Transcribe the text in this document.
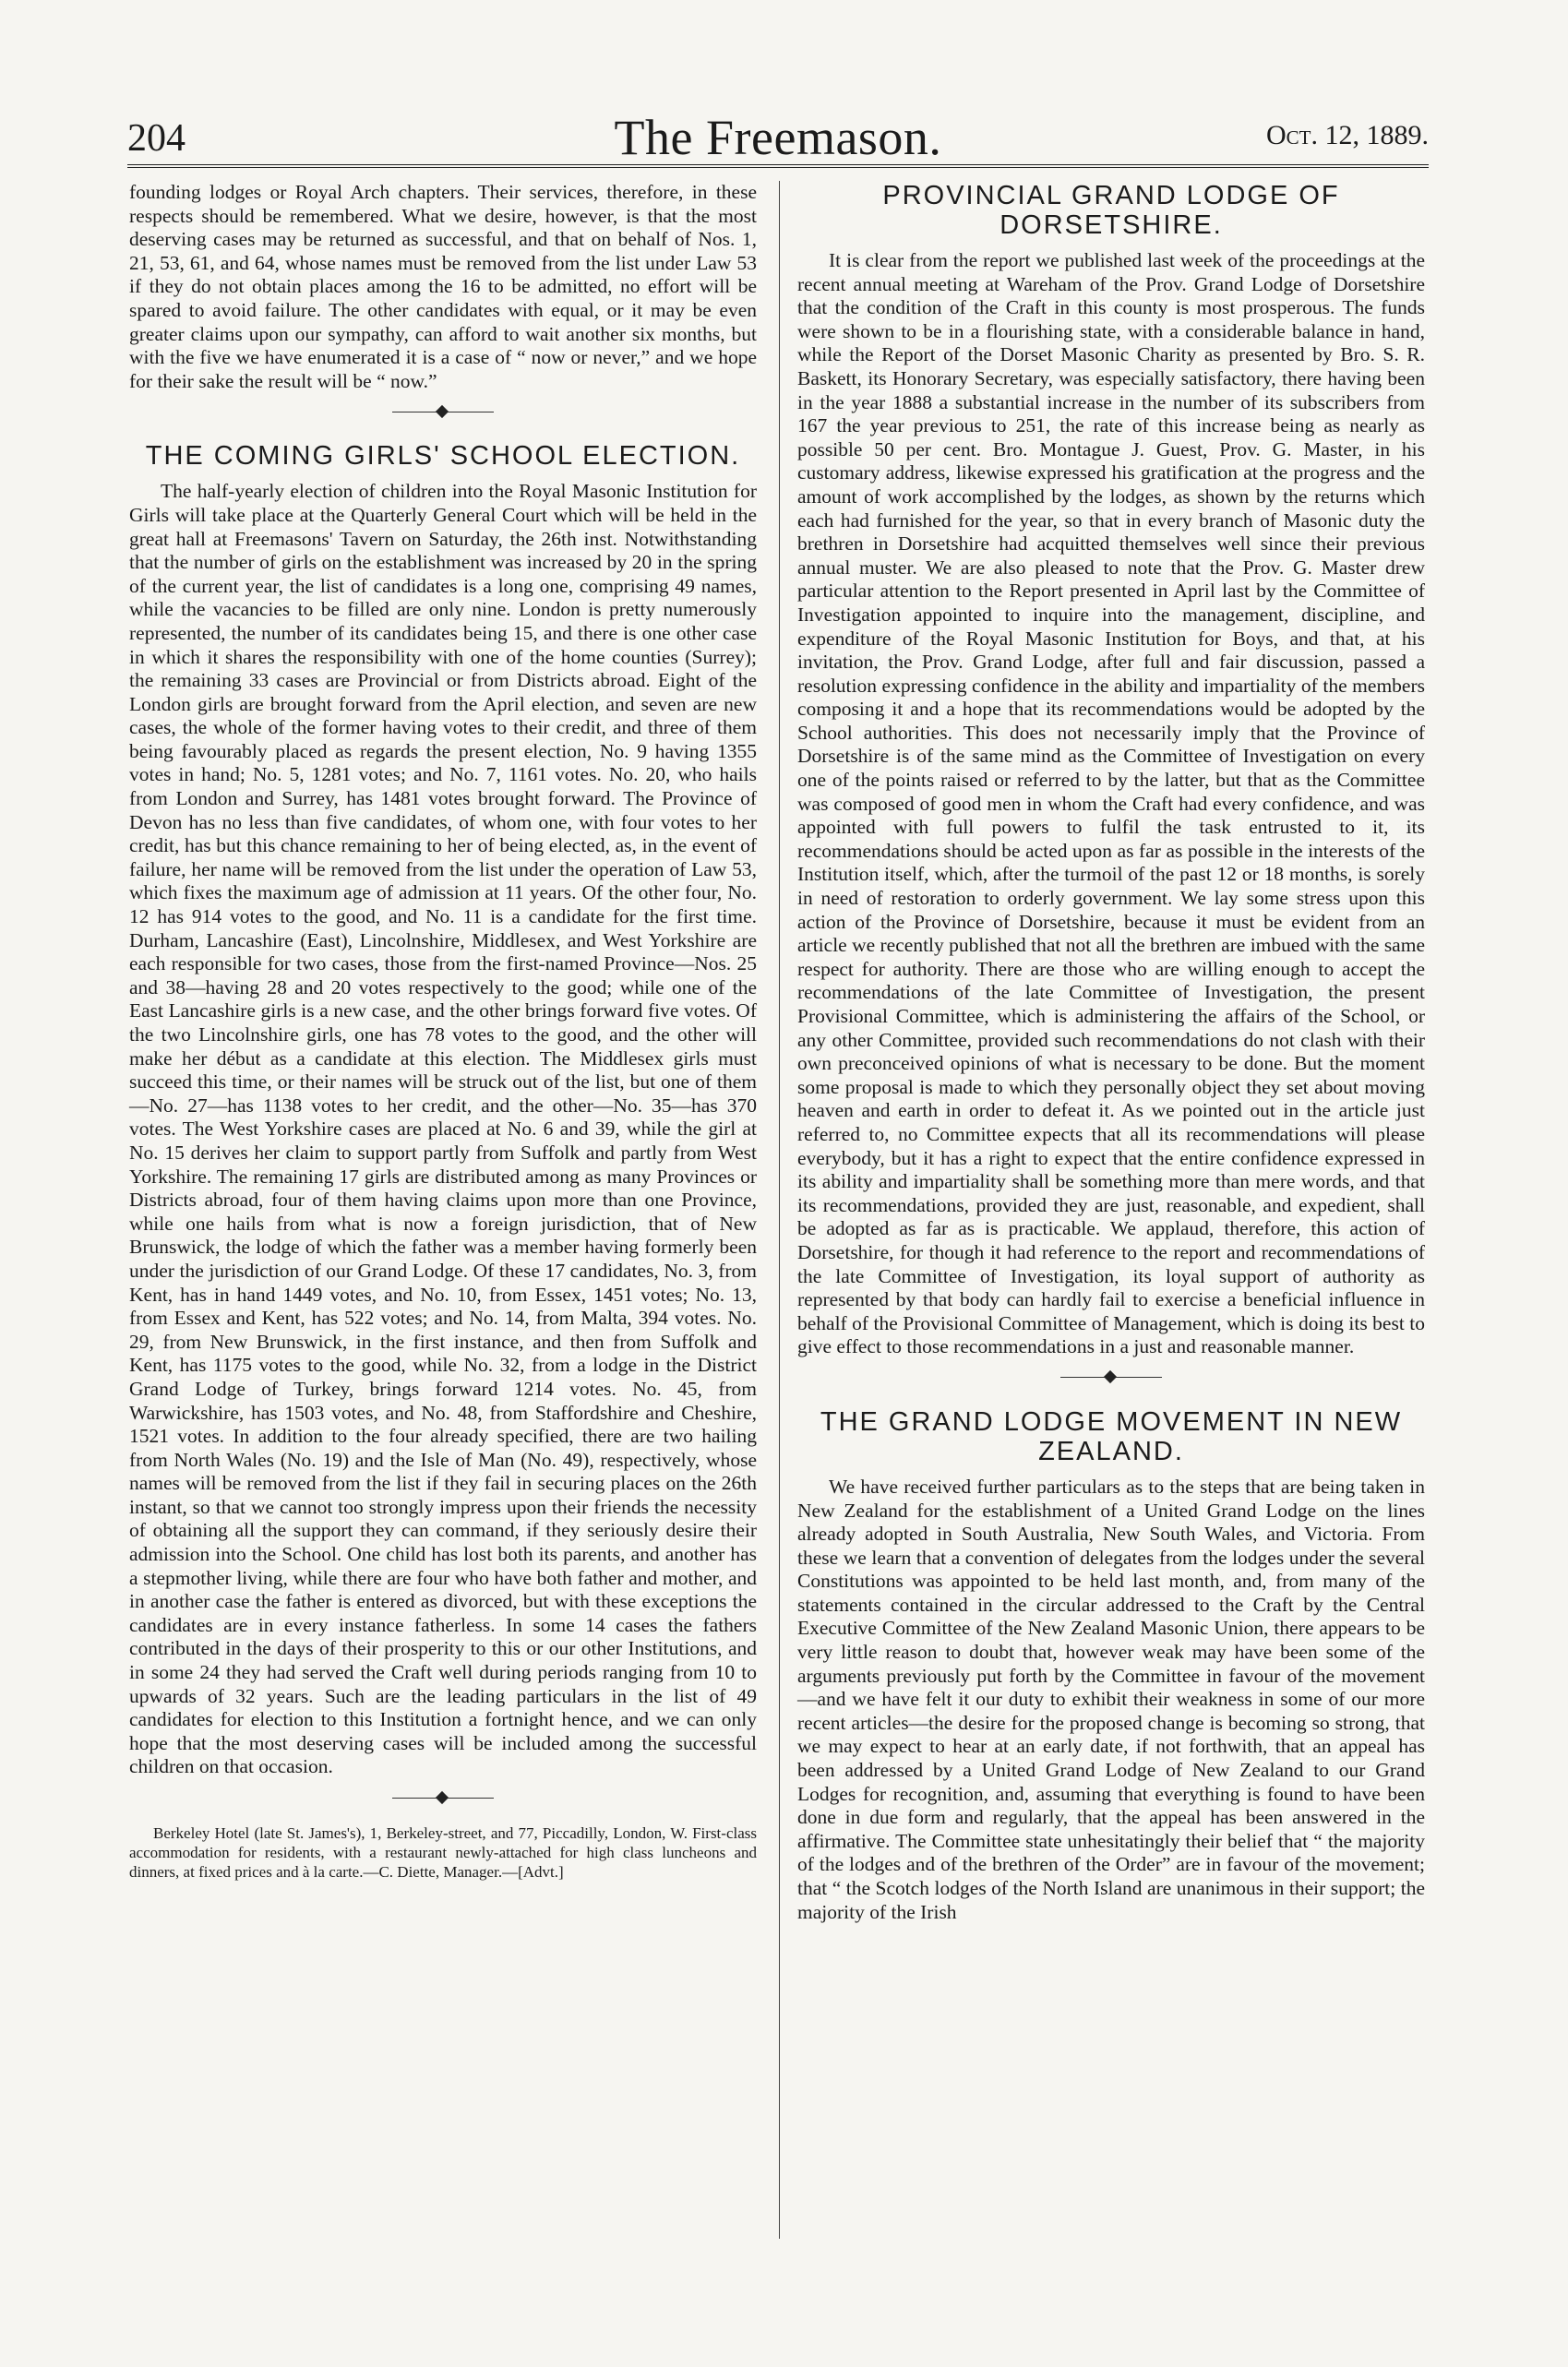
204	The Freemason.	Oct. 12, 1889.

founding lodges or Royal Arch chapters. Their services, therefore, in these respects should be remembered. What we desire, however, is that the most deserving cases may be returned as successful, and that on behalf of Nos. 1, 21, 53, 61, and 64, whose names must be removed from the list under Law 53 if they do not obtain places among the 16 to be admitted, no effort will be spared to avoid failure. The other candidates with equal, or it may be even greater claims upon our sympathy, can afford to wait another six months, but with the five we have enumerated it is a case of “ now or never,” and we hope for their sake the result will be “ now.”

THE COMING GIRLS' SCHOOL ELECTION.

The half-yearly election of children into the Royal Masonic Institution for Girls will take place at the Quarterly General Court which will be held in the great hall at Freemasons' Tavern on Saturday, the 26th inst. Notwithstanding that the number of girls on the establishment was increased by 20 in the spring of the current year, the list of candidates is a long one, comprising 49 names, while the vacancies to be filled are only nine. London is pretty numerously represented, the number of its candidates being 15, and there is one other case in which it shares the responsibility with one of the home counties (Surrey); the remaining 33 cases are Provincial or from Districts abroad. Eight of the London girls are brought forward from the April election, and seven are new cases, the whole of the former having votes to their credit, and three of them being favourably placed as regards the present election, No. 9 having 1355 votes in hand; No. 5, 1281 votes; and No. 7, 1161 votes. No. 20, who hails from London and Surrey, has 1481 votes brought forward. The Province of Devon has no less than five candidates, of whom one, with four votes to her credit, has but this chance remaining to her of being elected, as, in the event of failure, her name will be removed from the list under the operation of Law 53, which fixes the maximum age of admission at 11 years. Of the other four, No. 12 has 914 votes to the good, and No. 11 is a candidate for the first time. Durham, Lancashire (East), Lincolnshire, Middlesex, and West Yorkshire are each responsible for two cases, those from the first-named Province—Nos. 25 and 38—having 28 and 20 votes respectively to the good; while one of the East Lancashire girls is a new case, and the other brings forward five votes. Of the two Lincolnshire girls, one has 78 votes to the good, and the other will make her début as a candidate at this election. The Middlesex girls must succeed this time, or their names will be struck out of the list, but one of them—No. 27—has 1138 votes to her credit, and the other—No. 35—has 370 votes. The West Yorkshire cases are placed at No. 6 and 39, while the girl at No. 15 derives her claim to support partly from Suffolk and partly from West Yorkshire. The remaining 17 girls are distributed among as many Provinces or Districts abroad, four of them having claims upon more than one Province, while one hails from what is now a foreign jurisdiction, that of New Brunswick, the lodge of which the father was a member having formerly been under the jurisdiction of our Grand Lodge. Of these 17 candidates, No. 3, from Kent, has in hand 1449 votes, and No. 10, from Essex, 1451 votes; No. 13, from Essex and Kent, has 522 votes; and No. 14, from Malta, 394 votes. No. 29, from New Brunswick, in the first instance, and then from Suffolk and Kent, has 1175 votes to the good, while No. 32, from a lodge in the District Grand Lodge of Turkey, brings forward 1214 votes. No. 45, from Warwickshire, has 1503 votes, and No. 48, from Staffordshire and Cheshire, 1521 votes. In addition to the four already specified, there are two hailing from North Wales (No. 19) and the Isle of Man (No. 49), respectively, whose names will be removed from the list if they fail in securing places on the 26th instant, so that we cannot too strongly impress upon their friends the necessity of obtaining all the support they can command, if they seriously desire their admission into the School. One child has lost both its parents, and another has a stepmother living, while there are four who have both father and mother, and in another case the father is entered as divorced, but with these exceptions the candidates are in every instance fatherless. In some 14 cases the fathers contributed in the days of their prosperity to this or our other Institutions, and in some 24 they had served the Craft well during periods ranging from 10 to upwards of 32 years. Such are the leading particulars in the list of 49 candidates for election to this Institution a fortnight hence, and we can only hope that the most deserving cases will be included among the successful children on that occasion.

Berkeley Hotel (late St. James's), 1, Berkeley-street, and 77, Piccadilly, London, W. First-class accommodation for residents, with a restaurant newly-attached for high class luncheons and dinners, at fixed prices and à la carte.—C. Diette, Manager.—[Advt.]

PROVINCIAL GRAND LODGE OF DORSETSHIRE.

It is clear from the report we published last week of the proceedings at the recent annual meeting at Wareham of the Prov. Grand Lodge of Dorsetshire that the condition of the Craft in this county is most prosperous. The funds were shown to be in a flourishing state, with a considerable balance in hand, while the Report of the Dorset Masonic Charity as presented by Bro. S. R. Baskett, its Honorary Secretary, was especially satisfactory, there having been in the year 1888 a substantial increase in the number of its subscribers from 167 the year previous to 251, the rate of this increase being as nearly as possible 50 per cent. Bro. Montague J. Guest, Prov. G. Master, in his customary address, likewise expressed his gratification at the progress and the amount of work accomplished by the lodges, as shown by the returns which each had furnished for the year, so that in every branch of Masonic duty the brethren in Dorsetshire had acquitted themselves well since their previous annual muster. We are also pleased to note that the Prov. G. Master drew particular attention to the Report presented in April last by the Committee of Investigation appointed to inquire into the management, discipline, and expenditure of the Royal Masonic Institution for Boys, and that, at his invitation, the Prov. Grand Lodge, after full and fair discussion, passed a resolution expressing confidence in the ability and impartiality of the members composing it and a hope that its recommendations would be adopted by the School authorities. This does not necessarily imply that the Province of Dorsetshire is of the same mind as the Committee of Investigation on every one of the points raised or referred to by the latter, but that as the Committee was composed of good men in whom the Craft had every confidence, and was appointed with full powers to fulfil the task entrusted to it, its recommendations should be acted upon as far as possible in the interests of the Institution itself, which, after the turmoil of the past 12 or 18 months, is sorely in need of restoration to orderly government. We lay some stress upon this action of the Province of Dorsetshire, because it must be evident from an article we recently published that not all the brethren are imbued with the same respect for authority. There are those who are willing enough to accept the recommendations of the late Committee of Investigation, the present Provisional Committee, which is administering the affairs of the School, or any other Committee, provided such recommendations do not clash with their own preconceived opinions of what is necessary to be done. But the moment some proposal is made to which they personally object they set about moving heaven and earth in order to defeat it. As we pointed out in the article just referred to, no Committee expects that all its recommendations will please everybody, but it has a right to expect that the entire confidence expressed in its ability and impartiality shall be something more than mere words, and that its recommendations, provided they are just, reasonable, and expedient, shall be adopted as far as is practicable. We applaud, therefore, this action of Dorsetshire, for though it had reference to the report and recommendations of the late Committee of Investigation, its loyal support of authority as represented by that body can hardly fail to exercise a beneficial influence in behalf of the Provisional Committee of Management, which is doing its best to give effect to those recommendations in a just and reasonable manner.

THE GRAND LODGE MOVEMENT IN NEW ZEALAND.

We have received further particulars as to the steps that are being taken in New Zealand for the establishment of a United Grand Lodge on the lines already adopted in South Australia, New South Wales, and Victoria. From these we learn that a convention of delegates from the lodges under the several Constitutions was appointed to be held last month, and, from many of the statements contained in the circular addressed to the Craft by the Central Executive Committee of the New Zealand Masonic Union, there appears to be very little reason to doubt that, however weak may have been some of the arguments previously put forth by the Committee in favour of the movement—and we have felt it our duty to exhibit their weakness in some of our more recent articles—the desire for the proposed change is becoming so strong, that we may expect to hear at an early date, if not forthwith, that an appeal has been addressed by a United Grand Lodge of New Zealand to our Grand Lodges for recognition, and, assuming that everything is found to have been done in due form and regularly, that the appeal has been answered in the affirmative. The Committee state unhesitatingly their belief that “ the majority of the lodges and of the brethren of the Order” are in favour of the movement; that “ the Scotch lodges of the North Island are unanimous in their support; the majority of the Irish
